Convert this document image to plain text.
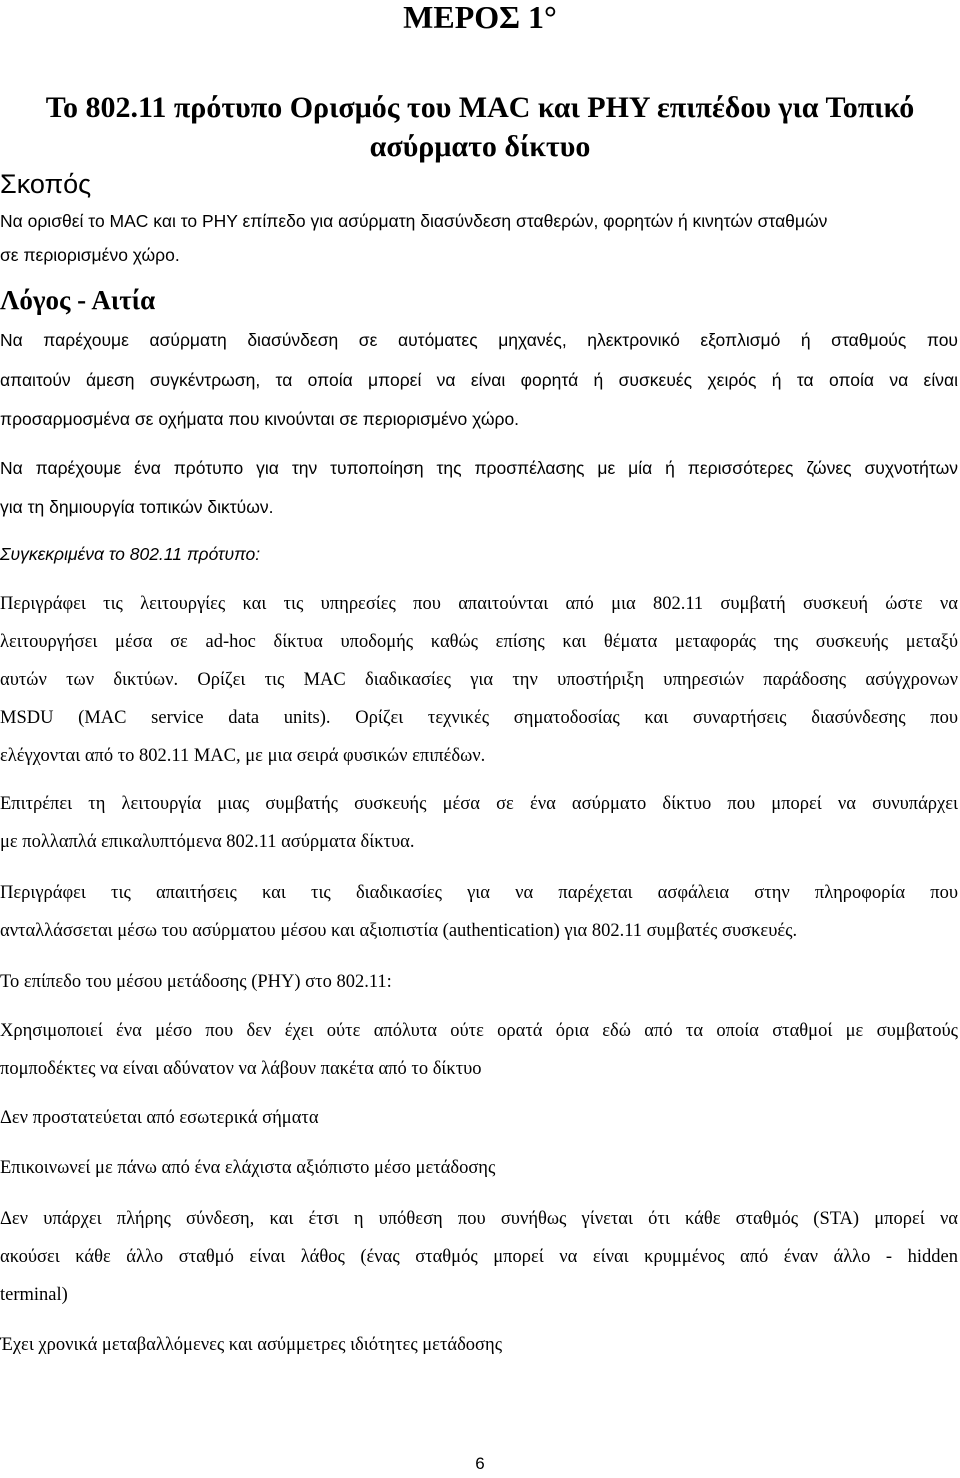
ΜΕΡΟΣ 1°
Το 802.11 πρότυπο Ορισμός του MAC και PHY επιπέδου για Τοπικό
ασύρματο δίκτυο
Σκοπός
Να ορισθεί το MAC και το PHY επίπεδο για ασύρματη διασύνδεση σταθερών, φορητών ή κινητών σταθμών
σε περιορισμένο χώρο.
Λόγος - Αιτία
Να παρέχουμε ασύρματη διασύνδεση σε αυτόματες μηχανές, ηλεκτρονικό εξοπλισμό ή σταθμούς που
απαιτούν άμεση συγκέντρωση, τα οποία μπορεί να είναι φορητά ή συσκευές χειρός ή τα οποία να είναι
προσαρμοσμένα σε οχήματα που κινούνται σε περιορισμένο χώρο.
Να παρέχουμε ένα πρότυπο για την τυποποίηση της προσπέλασης με μία ή περισσότερες ζώνες συχνοτήτων
για τη δημιουργία τοπικών δικτύων.
Συγκεκριμένα το 802.11 πρότυπο:
Περιγράφει τις λειτουργίες και τις υπηρεσίες που απαιτούνται από μια 802.11 συμβατή συσκευή ώστε να
λειτουργήσει μέσα σε ad-hoc δίκτυα υποδομής καθώς επίσης και θέματα μεταφοράς της συσκευής μεταξύ
αυτών των δικτύων. Ορίζει τις MAC διαδικασίες για την υποστήριξη υπηρεσιών παράδοσης ασύγχρονων
MSDU (MAC service data units). Ορίζει τεχνικές σηματοδοσίας και συναρτήσεις διασύνδεσης που
ελέγχονται από το 802.11 MAC, με μια σειρά φυσικών επιπέδων.
Επιτρέπει τη λειτουργία μιας συμβατής συσκευής μέσα σε ένα ασύρματο δίκτυο που μπορεί να συνυπάρχει
με πολλαπλά επικαλυπτόμενα 802.11 ασύρματα δίκτυα.
Περιγράφει τις απαιτήσεις και τις διαδικασίες για να παρέχεται ασφάλεια στην πληροφορία που
ανταλλάσσεται μέσω του ασύρματου μέσου και αξιοπιστία (authentication) για 802.11 συμβατές συσκευές.
Το επίπεδο του μέσου μετάδοσης (PHY) στο 802.11:
Χρησιμοποιεί ένα μέσο που δεν έχει ούτε απόλυτα ούτε ορατά όρια εδώ από τα οποία σταθμοί με συμβατούς
πομποδέκτες να είναι αδύνατον να λάβουν πακέτα από το δίκτυο
Δεν προστατεύεται από εσωτερικά σήματα
Επικοινωνεί με πάνω από ένα ελάχιστα αξιόπιστο μέσο μετάδοσης
Δεν υπάρχει πλήρης σύνδεση, και έτσι η υπόθεση που συνήθως γίνεται ότι κάθε σταθμός (STA) μπορεί να
ακούσει κάθε άλλο σταθμό είναι λάθος (ένας σταθμός μπορεί να είναι κρυμμένος από έναν άλλο - hidden
terminal)
Έχει χρονικά μεταβαλλόμενες και ασύμμετρες ιδιότητες μετάδοσης
6
